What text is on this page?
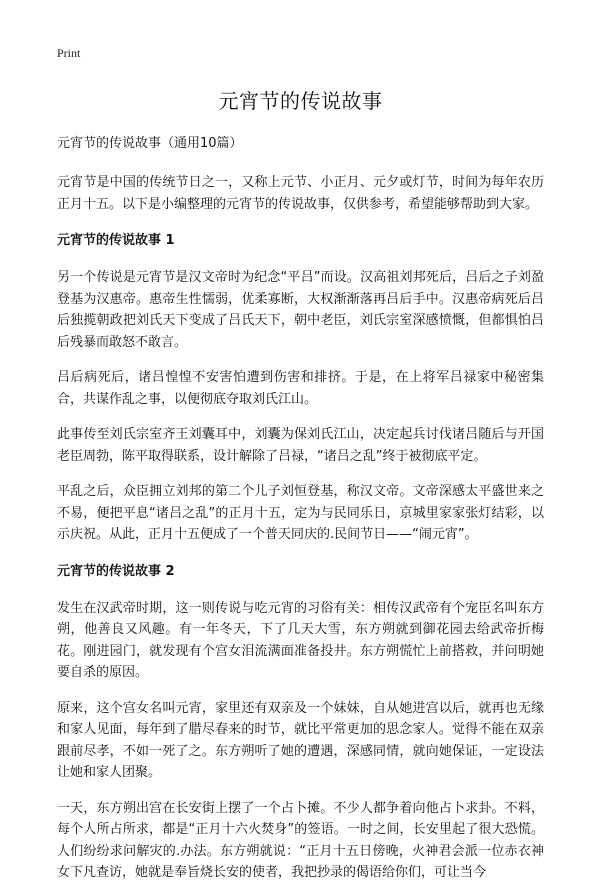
Print
元宵节的传说故事
元宵节的传说故事（通用10篇）

元宵节是中国的传统节日之一，又称上元节、小正月、元夕或灯节，时间为每年农历正月十五。以下是小编整理的元宵节的传说故事，仅供参考，希望能够帮助到大家。

元宵节的传说故事 1

另一个传说是元宵节是汉文帝时为纪念“平吕”而设。汉高祖刘邦死后，吕后之子刘盈登基为汉惠帝。惠帝生性懦弱，优柔寡断，大权渐渐落再吕后手中。汉惠帝病死后吕后独揽朝政把刘氏天下变成了吕氏天下，朝中老臣，刘氏宗室深感愤慨，但都惧怕吕后残暴而敢怒不敢言。

吕后病死后，诸吕惶惶不安害怕遭到伤害和排挤。于是，在上将军吕禄家中秘密集合，共谋作乱之事，以便彻底夺取刘氏江山。

此事传至刘氏宗室齐王刘囊耳中，刘囊为保刘氏江山，决定起兵讨伐诸吕随后与开国老臣周勃，陈平取得联系，设计解除了吕禄，“诸吕之乱”终于被彻底平定。

平乱之后，众臣拥立刘邦的第二个儿子刘恒登基，称汉文帝。文帝深感太平盛世来之不易，便把平息“诸吕之乱”的正月十五，定为与民同乐日，京城里家家张灯结彩，以示庆祝。从此，正月十五便成了一个普天同庆的.民间节日——“闹元宵”。

元宵节的传说故事 2

发生在汉武帝时期，这一则传说与吃元宵的习俗有关：相传汉武帝有个宠臣名叫东方朔，他善良又风趣。有一年冬天，下了几天大雪，东方朔就到御花园去给武帝折梅花。刚进园门，就发现有个宫女泪流满面准备投井。东方朔慌忙上前搭救，并问明她要自杀的原因。

原来，这个宫女名叫元宵，家里还有双亲及一个妹妹，自从她进宫以后，就再也无缘和家人见面，每年到了腊尽春来的时节，就比平常更加的思念家人。觉得不能在双亲跟前尽孝，不如一死了之。东方朔听了她的遭遇，深感同情，就向她保证，一定设法让她和家人团聚。

一天，东方朔出宫在长安街上摆了一个占卜摊。不少人都争着向他占卜求卦。不料，每个人所占所求，都是“正月十六火焚身”的签语。一时之间，长安里起了很大恐慌。人们纷纷求问解灾的.办法。东方朔就说：“正月十五日傍晚，火神君会派一位赤衣神女下凡查访，她就是奉旨烧长安的使者，我把抄录的偈语给你们，可让当今
